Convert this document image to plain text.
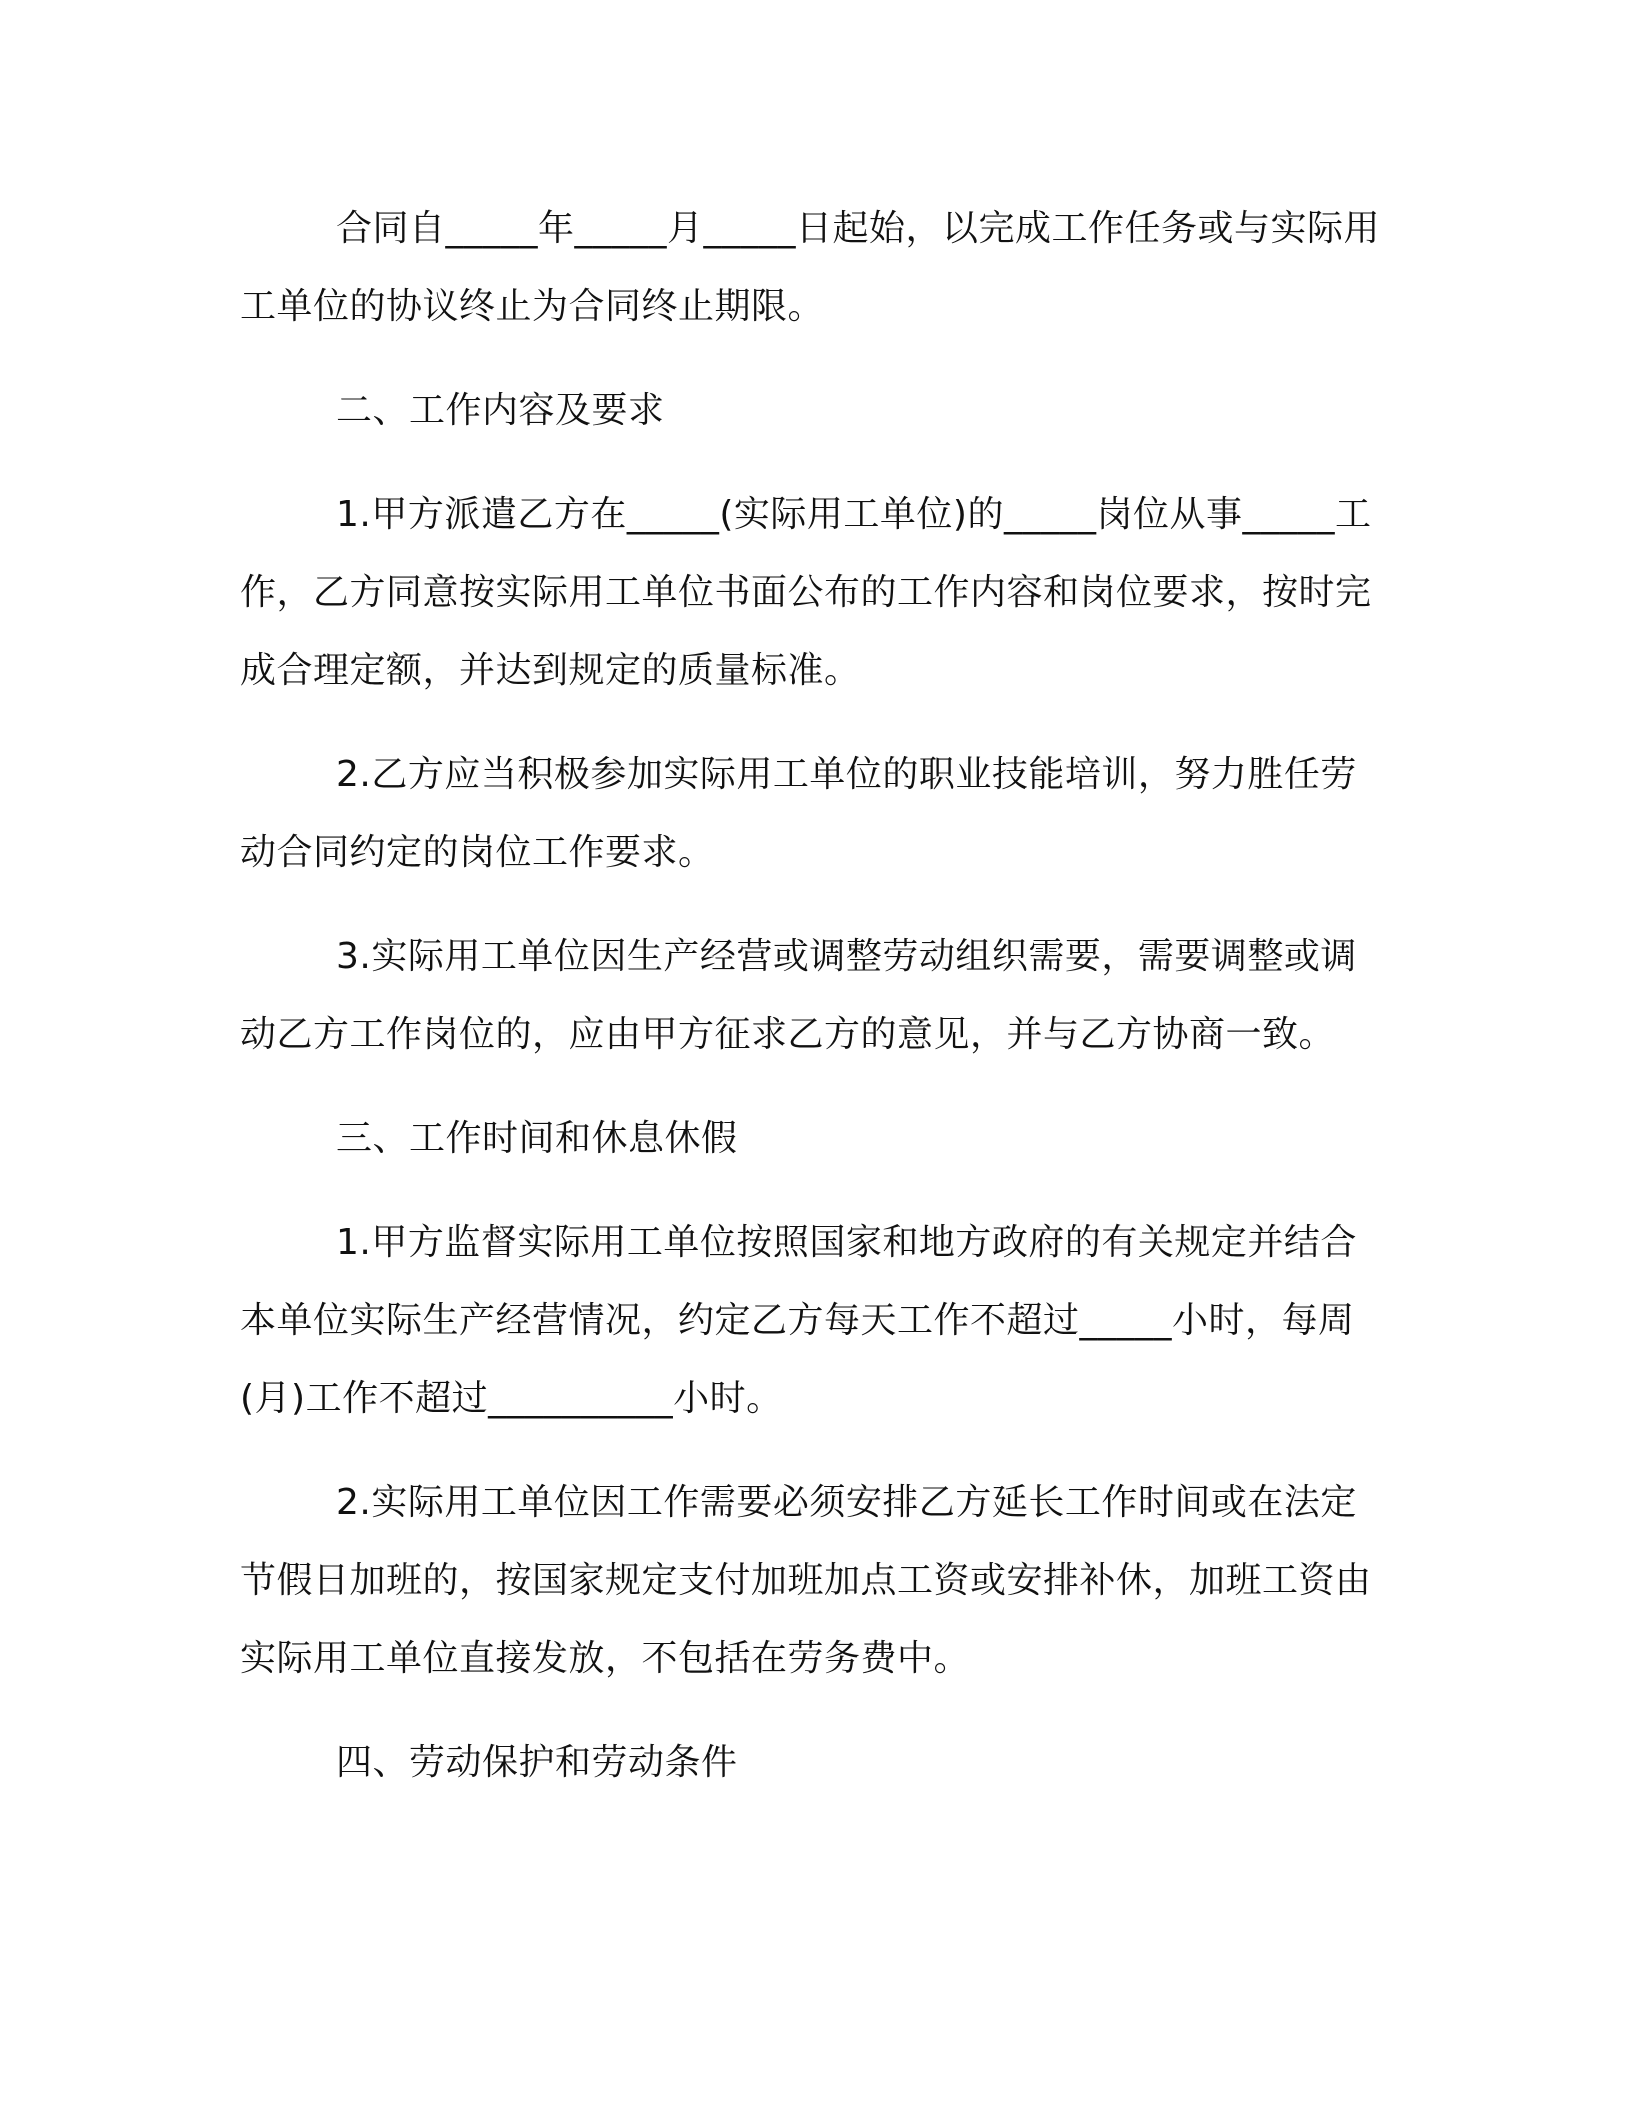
合同自_____年_____月_____日起始，以完成工作任务或与实际用工单位的协议终止为合同终止期限。

二、工作内容及要求

1.甲方派遣乙方在_____(实际用工单位)的_____岗位从事_____工作，乙方同意按实际用工单位书面公布的工作内容和岗位要求，按时完成合理定额，并达到规定的质量标准。

2.乙方应当积极参加实际用工单位的职业技能培训，努力胜任劳动合同约定的岗位工作要求。

3.实际用工单位因生产经营或调整劳动组织需要，需要调整或调动乙方工作岗位的，应由甲方征求乙方的意见，并与乙方协商一致。

三、工作时间和休息休假

1.甲方监督实际用工单位按照国家和地方政府的有关规定并结合本单位实际生产经营情况，约定乙方每天工作不超过_____小时，每周(月)工作不超过__________小时。

2.实际用工单位因工作需要必须安排乙方延长工作时间或在法定节假日加班的，按国家规定支付加班加点工资或安排补休，加班工资由实际用工单位直接发放，不包括在劳务费中。

四、劳动保护和劳动条件
